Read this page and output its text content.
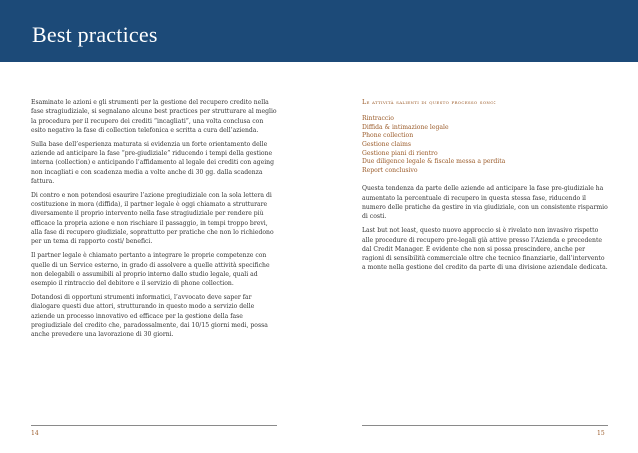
Best practices

Esaminate le azioni e gli strumenti per la gestione del recupero credito nella fase stragiudiziale, si segnalano alcune best practices per strutturare al meglio la procedura per il recupero dei crediti “incagliati”, una volta conclusa con esito negativo la fase di collection telefonica e scritta a cura dell’azienda.

Sulla base dell’esperienza maturata si evidenzia un forte orientamento delle aziende ad anticipare la fase “pre-giudiziale” riducendo i tempi della gestione interna (collection) e anticipando l’affidamento al legale dei crediti con ageing non incagliati e con scadenza media a volte anche di 30 gg. dalla scadenza fattura.

Di contro e non potendosi esaurire l’azione pregiudiziale con la sola lettera di costituzione in mora (diffida), il partner legale è oggi chiamato a strutturare diversamente il proprio intervento nella fase stragiudiziale per rendere più efficace la propria azione e non rischiare il passaggio, in tempi troppo brevi, alla fase di recupero giudiziale, soprattutto per pratiche che non lo richiedono per un tema di rapporto costi/ benefici.

Il partner legale è chiamato pertanto a integrare le proprie competenze con quelle di un Service esterno, in grado di assolvere a quelle attività specifiche non delegabili o assumibili al proprio interno dallo studio legale, quali ad esempio il rintraccio del debitore e il servizio di phone collection.

Dotandosi di opportuni strumenti informatici, l’avvocato deve saper far dialogare questi due attori, strutturando in questo modo a servizio delle aziende un processo innovativo ed efficace per la gestione della fase pregiudiziale del credito che, paradossalmente, dai 10/15 giorni medi, possa anche prevedere una lavorazione di 30 giorni.

Le attività salienti di questo processo sono:

Rintraccio
Diffida & intimazione legale
Phone collection
Gestione claims
Gestione piani di rientro
Due diligence legale & fiscale messa a perdita
Report conclusivo

Questa tendenza da parte delle aziende ad anticipare la fase pre-giudiziale ha aumentato la percentuale di recupero in questa stessa fase, riducendo il numero delle pratiche da gestire in via giudiziale, con un consistente risparmio di costi.

Last but not least, questo nuovo approccio si è rivelato non invasivo rispetto alle procedure di recupero pre-legali già attive presso l’Azienda e precedente dal Credit Manager. È evidente che non si possa prescindere, anche per ragioni di sensibilità commerciale oltre che tecnico finanziarie, dall’intervento a monte nella gestione del credito da parte di una divisione aziendale dedicata.

14	15
